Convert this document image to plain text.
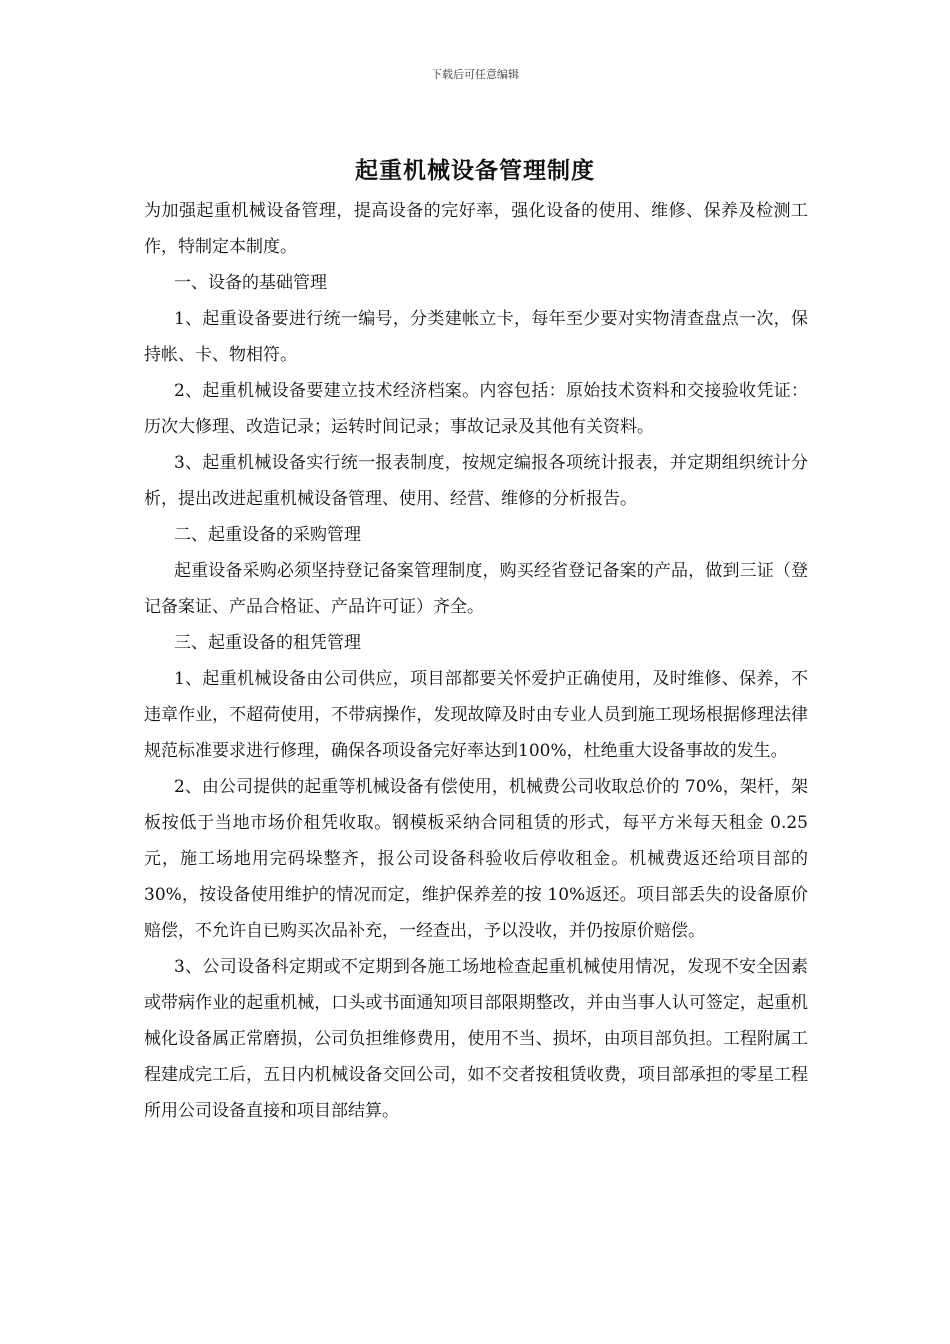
下载后可任意编辑
起重机械设备管理制度

为加强起重机械设备管理，提高设备的完好率，强化设备的使用、维修、保养及检测工作，特制定本制度。

一、设备的基础管理

1、起重设备要进行统一编号，分类建帐立卡，每年至少要对实物清查盘点一次，保持帐、卡、物相符。

2、起重机械设备要建立技术经济档案。内容包括：原始技术资料和交接验收凭证：历次大修理、改造记录；运转时间记录；事故记录及其他有关资料。

3、起重机械设备实行统一报表制度，按规定编报各项统计报表，并定期组织统计分析，提出改进起重机械设备管理、使用、经营、维修的分析报告。

二、起重设备的采购管理

起重设备采购必须坚持登记备案管理制度，购买经省登记备案的产品，做到三证（登记备案证、产品合格证、产品许可证）齐全。

三、起重设备的租凭管理

1、起重机械设备由公司供应，项目部都要关怀爱护正确使用，及时维修、保养，不违章作业，不超荷使用，不带病操作，发现故障及时由专业人员到施工现场根据修理法律规范标准要求进行修理，确保各项设备完好率达到100%，杜绝重大设备事故的发生。

2、由公司提供的起重等机械设备有偿使用，机械费公司收取总价的 70%，架杆，架板按低于当地市场价租凭收取。钢模板采纳合同租赁的形式，每平方米每天租金 0.25 元，施工场地用完码垛整齐，报公司设备科验收后停收租金。机械费返还给项目部的 30%，按设备使用维护的情况而定，维护保养差的按 10%返还。项目部丢失的设备原价赔偿，不允许自已购买次品补充，一经查出，予以没收，并仍按原价赔偿。

3、公司设备科定期或不定期到各施工场地检查起重机械使用情况，发现不安全因素或带病作业的起重机械，口头或书面通知项目部限期整改，并由当事人认可签定，起重机械化设备属正常磨损，公司负担维修费用，使用不当、损坏，由项目部负担。工程附属工程建成完工后，五日内机械设备交回公司，如不交者按租赁收费，项目部承担的零星工程所用公司设备直接和项目部结算。
